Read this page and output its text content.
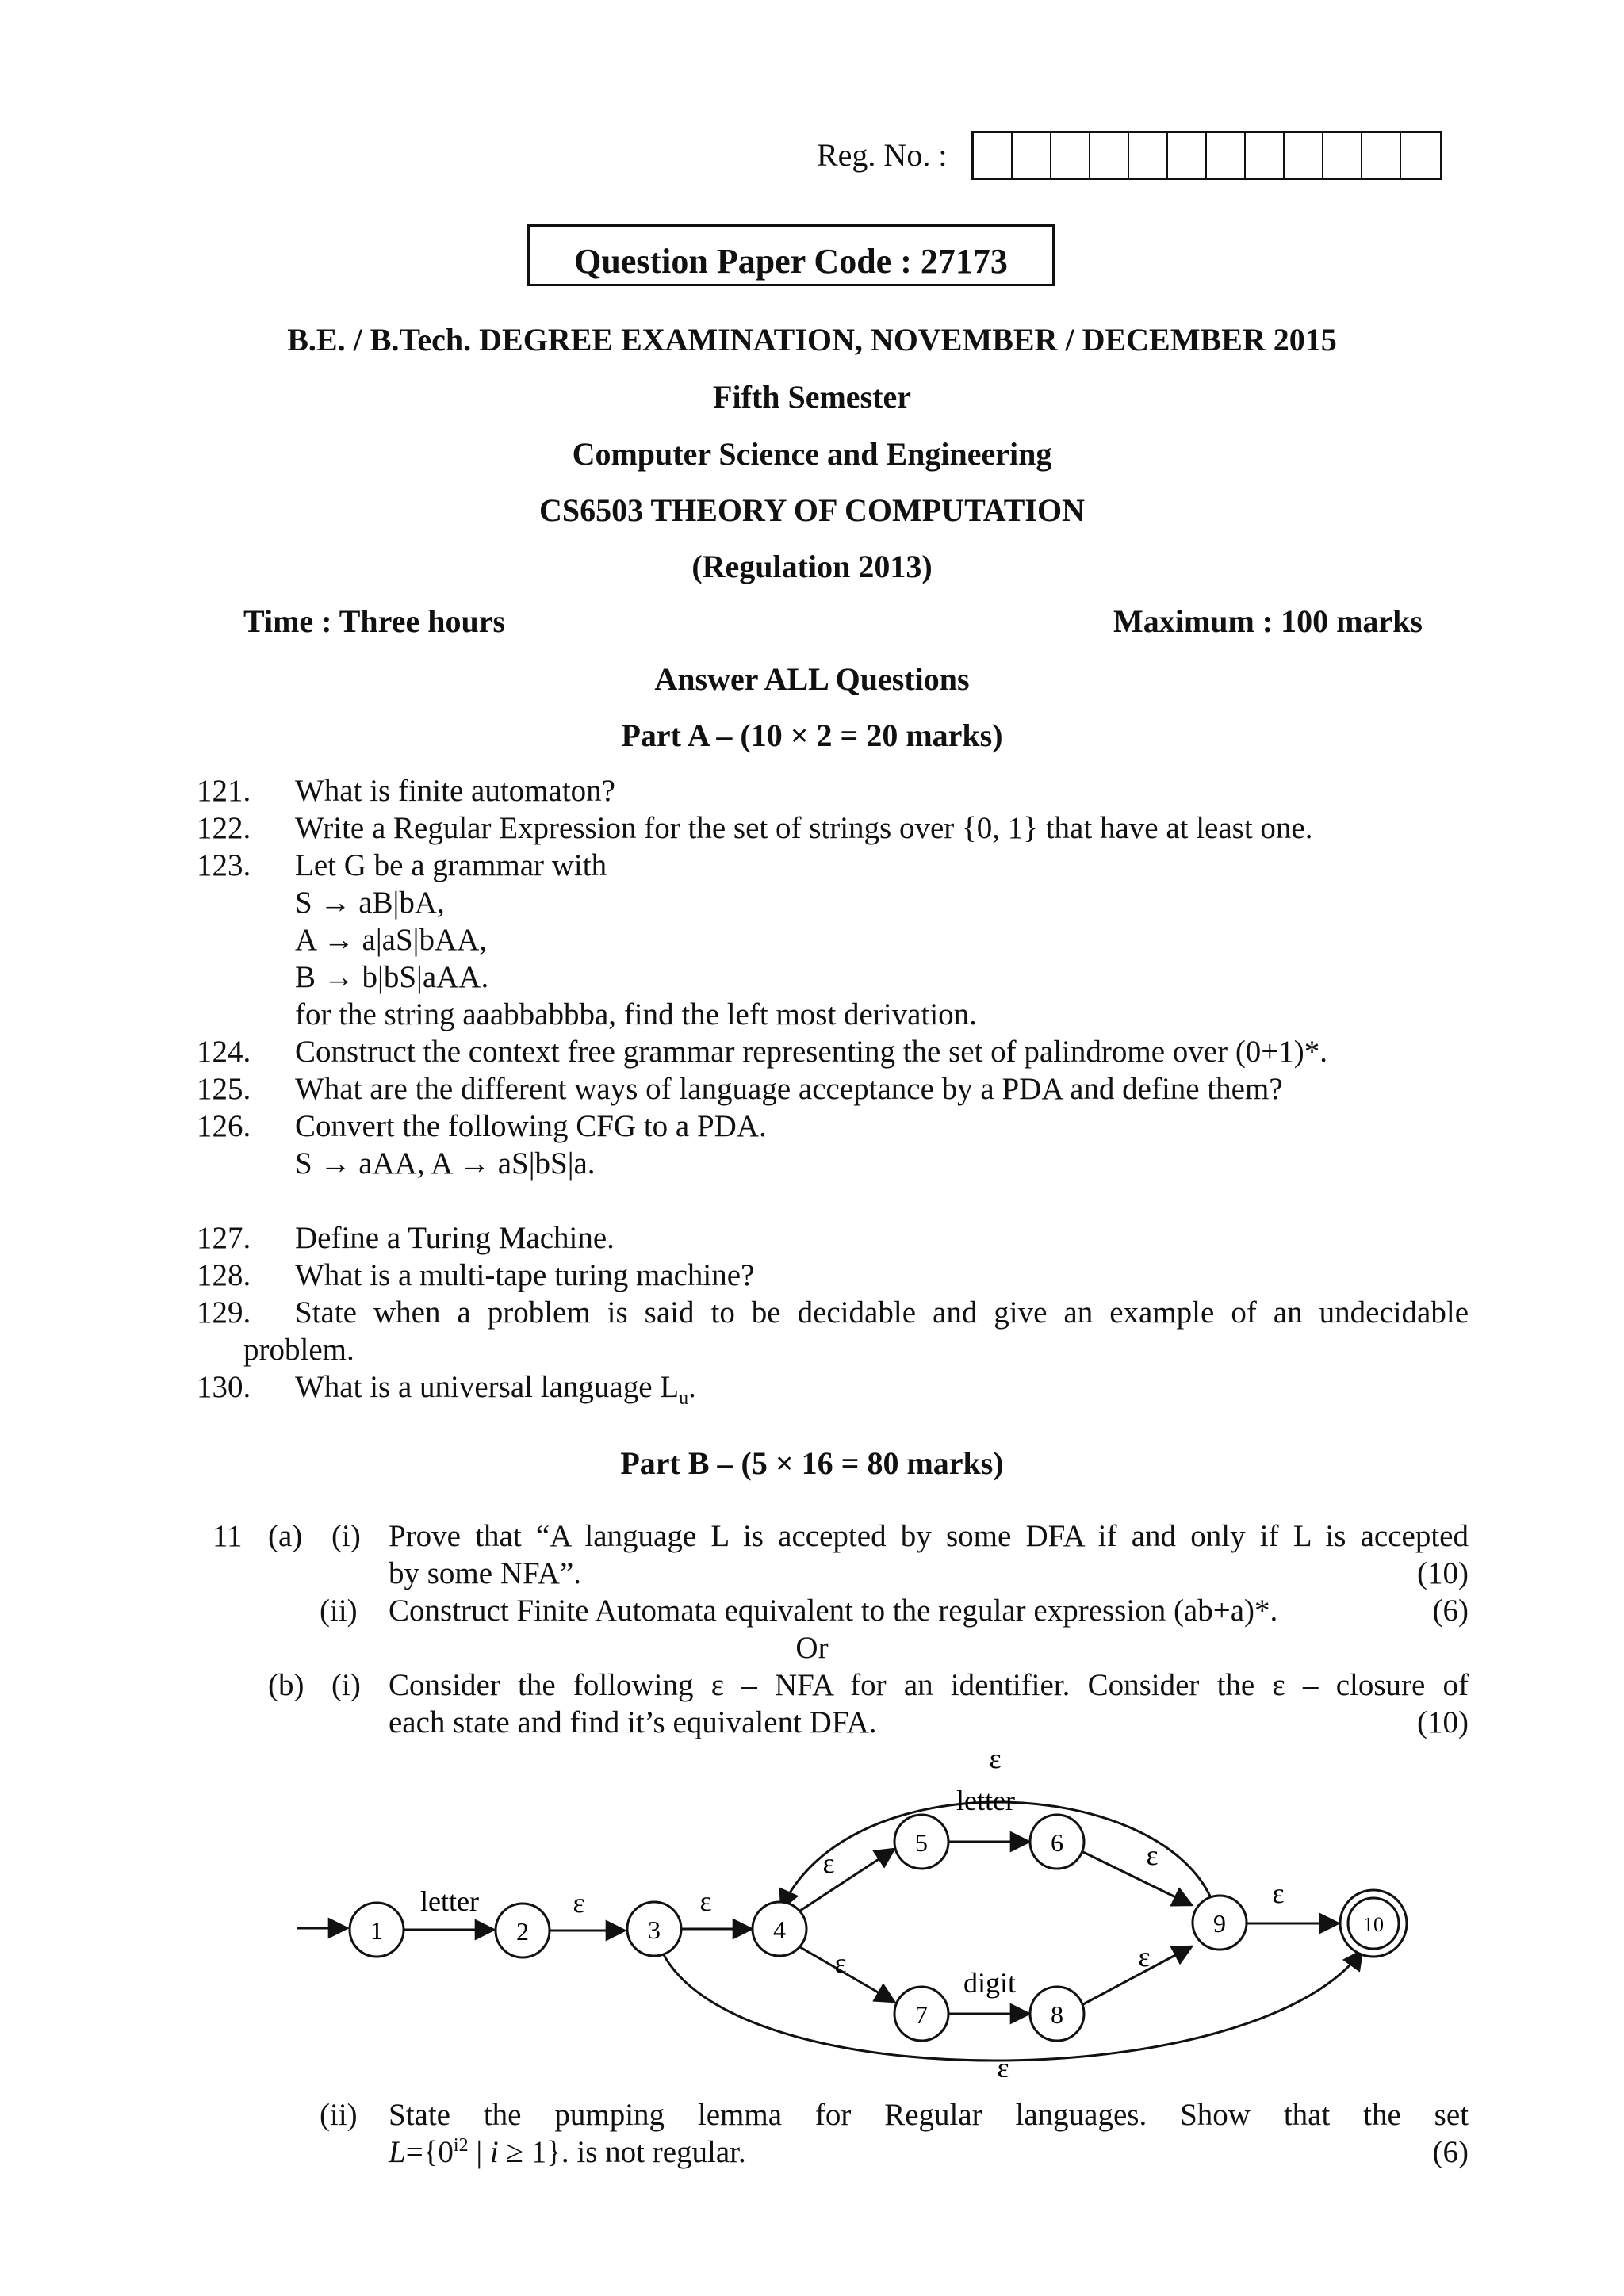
Reg. No. :
Question Paper Code : 27173
B.E. / B.Tech. DEGREE EXAMINATION, NOVEMBER / DECEMBER 2015
Fifth Semester
Computer Science and Engineering
CS6503 THEORY OF COMPUTATION
(Regulation 2013)
Time : Three hours	Maximum : 100 marks
Answer ALL Questions
Part A – (10 × 2 = 20 marks)
121. What is finite automaton?
122. Write a Regular Expression for the set of strings over {0, 1} that have at least one.
123. Let G be a grammar with
S → aB|bA,
A → a|aS|bAA,
B → b|bS|aAA.
for the string aaabbabbba, find the left most derivation.
124. Construct the context free grammar representing the set of palindrome over (0+1)*.
125. What are the different ways of language acceptance by a PDA and define them?
126. Convert the following CFG to a PDA.
S → aAA, A → aS|bS|a.
127. Define a Turing Machine.
128. What is a multi-tape turing machine?
129. State when a problem is said to be decidable and give an example of an undecidable
problem.
130. What is a universal language $L_u$.
Part B – (5 × 16 = 80 marks)
11 (a) (i) Prove that “A language L is accepted by some DFA if and only if L is accepted
by some NFA”.	(10)
(ii) Construct Finite Automata equivalent to the regular expression (ab+a)*.	(6)
Or
(b) (i) Consider the following ε – NFA for an identifier. Consider the ε – closure of
each state and find it’s equivalent DFA.	(10)
1	2	3	4
5	6
7	8
9	10
letter	ε	ε
ε
letter
ε
ε
digit
ε
ε
ε
ε
(ii) State the pumping lemma for Regular languages. Show that the set
$L=\{0^{i2}$ | i ≥ 1}. is not regular.	(6)
